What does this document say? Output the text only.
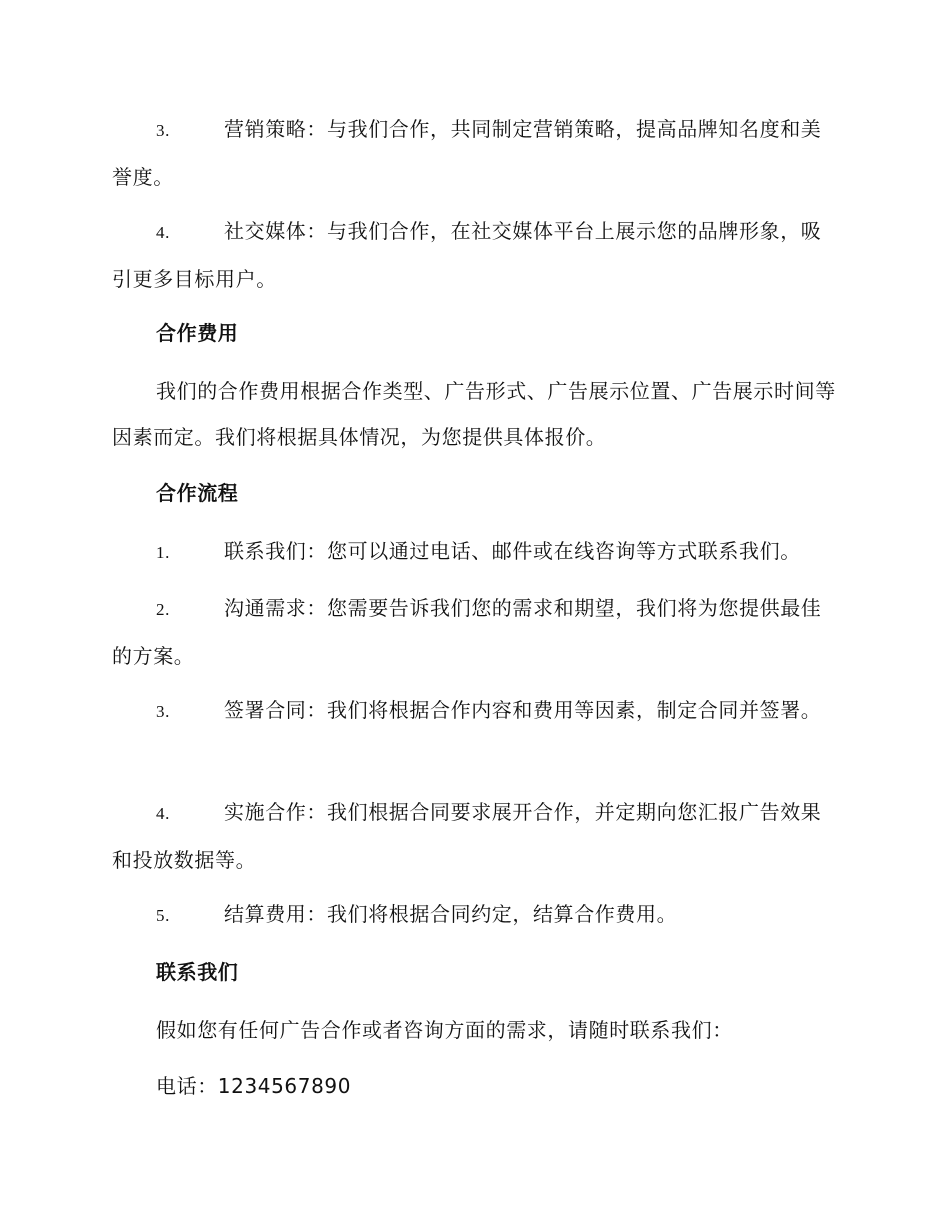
3.	营销策略：与我们合作，共同制定营销策略，提高品牌知名度和美誉度。
4.	社交媒体：与我们合作，在社交媒体平台上展示您的品牌形象，吸引更多目标用户。
合作费用
我们的合作费用根据合作类型、广告形式、广告展示位置、广告展示时间等因素而定。我们将根据具体情况，为您提供具体报价。
合作流程
1.	联系我们：您可以通过电话、邮件或在线咨询等方式联系我们。
2.	沟通需求：您需要告诉我们您的需求和期望，我们将为您提供最佳的方案。
3.	签署合同：我们将根据合作内容和费用等因素，制定合同并签署。
4.	实施合作：我们根据合同要求展开合作，并定期向您汇报广告效果和投放数据等。
5.	结算费用：我们将根据合同约定，结算合作费用。
联系我们
假如您有任何广告合作或者咨询方面的需求，请随时联系我们：
电话：1234567890
